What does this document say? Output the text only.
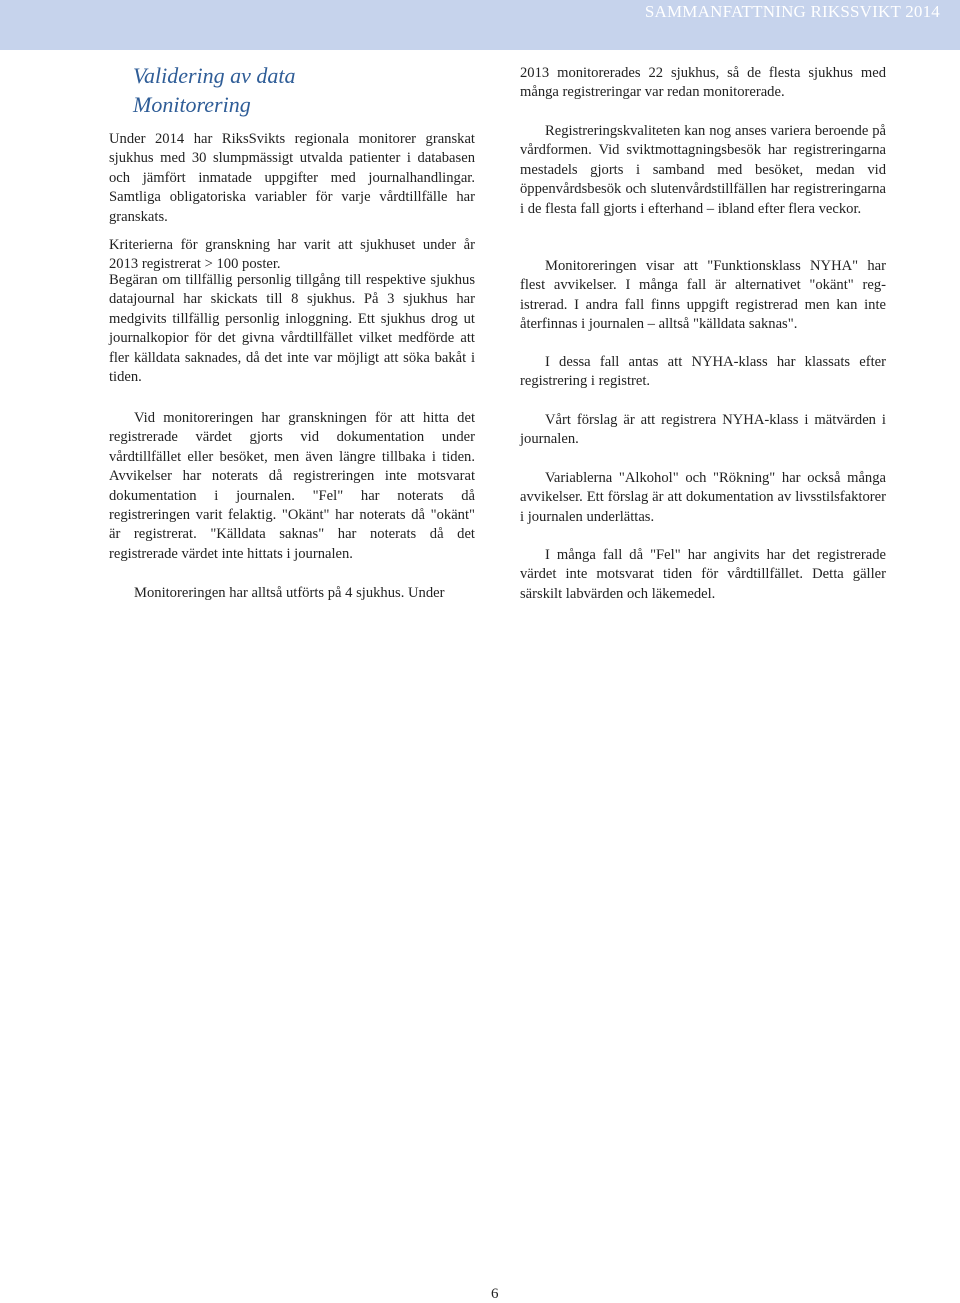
SAMMANFATTNING RIKSSVIKT 2014
Validering av data
Monitorering

Under 2014 har RiksSvikts regionala monitorer granskat sjukhus med 30 slumpmässigt utvalda patienter i databasen och jämfört inmatade uppgifter med journalhandlingar. Samtliga obligatoriska variabler för varje vårdtillfälle har granskats.

Kriterierna för granskning har varit att sjukhuset under år 2013 registrerat > 100 poster.

Begäran om tillfällig personlig tillgång till respektive sjukhus datajournal har skickats till 8 sjukhus. På 3 sjukhus har medgivits tillfällig personlig inloggning. Ett sjukhus drog ut journalkopior för det givna vårdtillfället vilket medförde att fler källdata saknades, då det inte var möjligt att söka bakåt i tiden.

Vid monitoreringen har granskningen för att hitta det registrerade värdet gjorts vid dokumentation under vårdtillfället eller besöket, men även längre tillbaka i tiden. Avvikelser har noterats då registreringen inte motsvarat dokumentation i journalen. "Fel" har noterats då registreringen varit felaktig. "Okänt" har noterats då "okänt" är registrerat. "Källdata saknas" har noterats då det registrerade värdet inte hittats i journalen.

Monitoreringen har alltså utförts på 4 sjukhus. Under

2013 monitorerades 22 sjukhus, så de flesta sjukhus med många registreringar var redan monitorerade.

Registreringskvaliteten kan nog anses variera beroende på vårdformen. Vid sviktmottagningsbesök har registreringarna mestadels gjorts i samband med besöket, medan vid öppenvårdsbesök och slutenvårdstillfällen har registreringarna i de flesta fall gjorts i efterhand – ibland efter flera veckor.

Monitoreringen visar att "Funktionsklass NYHA" har flest avvikelser. I många fall är alternativet "okänt" registrerad. I andra fall finns uppgift registrerad men kan inte återfinnas i journalen – alltså "källdata saknas".

I dessa fall antas att NYHA-klass har klassats efter registrering i registret.

Vårt förslag är att registrera NYHA-klass i mätvärden i journalen.

Variablerna "Alkohol" och "Rökning" har också många avvikelser. Ett förslag är att dokumentation av livsstilsfaktorer i journalen underlättas.

I många fall då "Fel" har angivits har det registrerade värdet inte motsvarat tiden för vårdtillfället. Detta gäller särskilt labvärden och läkemedel.

6
